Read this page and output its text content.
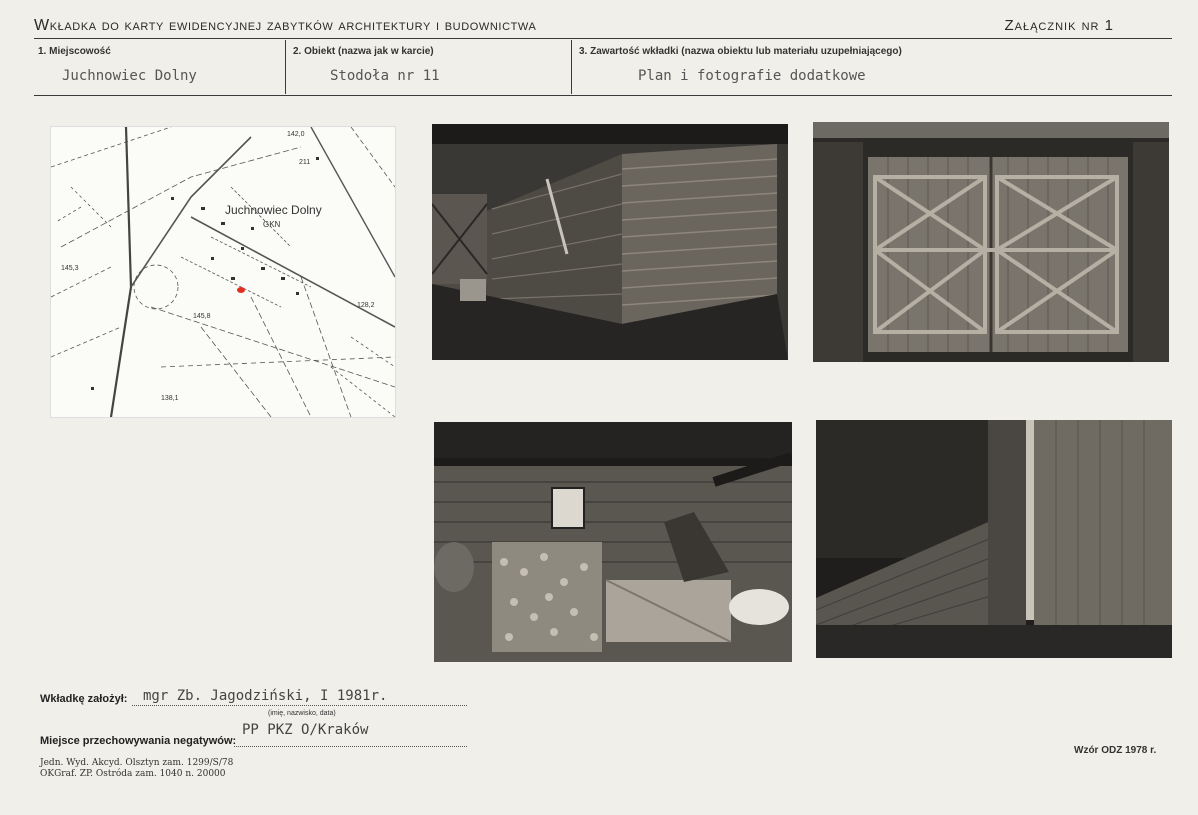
Wkładka do karty ewidencyjnej zabytków architektury i budownictwa	Załącznik nr 1
1. Miejscowość
Juchnowiec Dolny
2. Obiekt (nazwa jak w karcie)
Stodoła nr 11
3. Zawartość wkładki (nazwa obiektu lub materiału uzupełniającego)
Plan i fotografie dodatkowe
Juchnowiec Dolny
GKN
142,0
211
145,3
128,2
145,8
138,1
Wkładkę założył: mgr Zb. Jagodziński, I 1981r.
(imię, nazwisko, data)
Miejsce przechowywania negatywów:
PP PKZ O/Kraków
Jedn. Wyd. Akcyd. Olsztyn zam. 1299/S/78
OKGraf. ZP. Ostróda zam. 1040 n. 20000
Wzór ODZ 1978 r.
